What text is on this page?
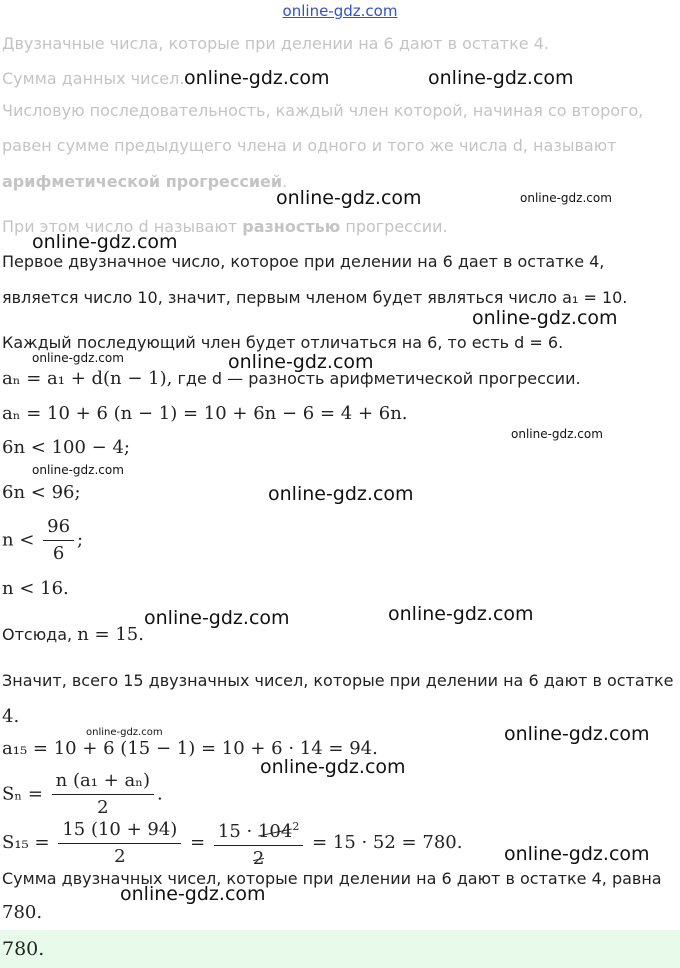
online-gdz.com
Двузначные числа, которые при делении на 6 дают в остатке 4.
Сумма данных чисел.
Числовую последовательность, каждый член которой, начиная со второго,
равен сумме предыдущего члена и одного и того же числа d, называют
арифметической прогрессией.
При этом число d называют разностью прогрессии.
Первое двузначное число, которое при делении на 6 дает в остатке 4,
является число 10, значит, первым членом будет являться число a₁ = 10.
Каждый последующий член будет отличаться на 6, то есть d = 6.
aₙ = a₁ + d(n − 1), где d — разность арифметической прогрессии.
aₙ = 10 + 6 (n − 1) = 10 + 6n − 6 = 4 + 6n.
6n < 100 − 4;
6n < 96;
$n < \frac{96}{6}$ ;
n < 16.
Отсюда, n = 15.
Значит, всего 15 двузначных чисел, которые при делении на 6 дают в остатке
4.
a₁₅ = 10 + 6 (15 − 1) = 10 + 6 · 14 = 94.
$S_n = \frac{\text{n (a₁ + aₙ)}}{2}$ .
$S_{15} = \frac{15 (10 + 94)}{2} = \frac{15 \cdot 104^2}{2} = 15 \cdot 52 = 780$.
Сумма двузначных чисел, которые при делении на 6 дают в остатке 4, равна
780.
780.
online-gdz.com	online-gdz.com
online-gdz.com	online-gdz.com
online-gdz.com
online-gdz.com
online-gdz.com	online-gdz.com
online-gdz.com
online-gdz.com
online-gdz.com
online-gdz.com	online-gdz.com
online-gdz.com	online-gdz.com
online-gdz.com
online-gdz.com
online-gdz.com
